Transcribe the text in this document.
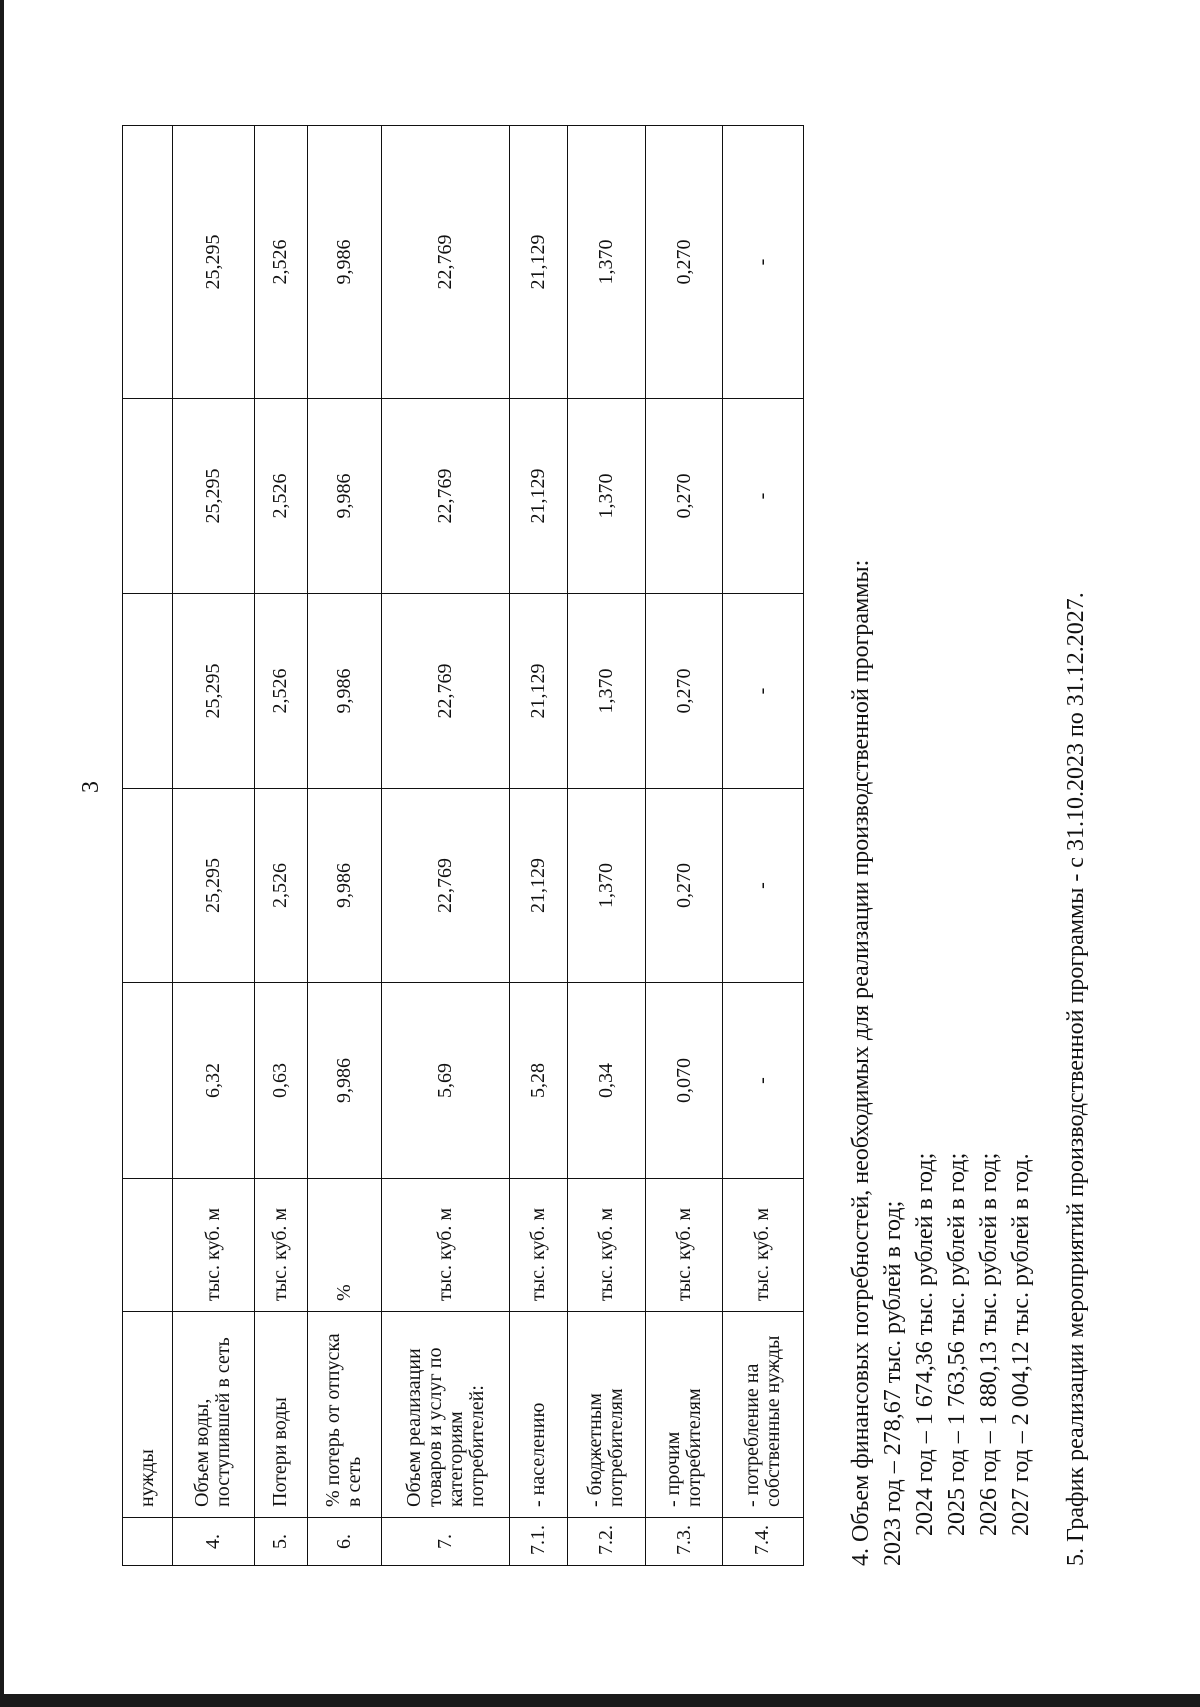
3
	нужды						
4.	Объем воды, поступившей в сеть	тыс. куб. м	6,32	25,295	25,295	25,295	25,295
5.	Потери воды	тыс. куб. м	0,63	2,526	2,526	2,526	2,526
6.	% потерь от отпуска в сеть	%	9,986	9,986	9,986	9,986	9,986
7.	Объем реализации товаров и услуг по категориям потребителей:	тыс. куб. м	5,69	22,769	22,769	22,769	22,769
7.1.	- населению	тыс. куб. м	5,28	21,129	21,129	21,129	21,129
7.2.	- бюджетным потребителям	тыс. куб. м	0,34	1,370	1,370	1,370	1,370
7.3.	- прочим потребителям	тыс. куб. м	0,070	0,270	0,270	0,270	0,270
7.4.	- потребление на собственные нужды	тыс. куб. м	-	-	-	-	-
4. Объем финансовых потребностей, необходимых для реализации производственной программы: 2023 год – 278,67 тыс. рублей в год; 2024 год – 1 674,36 тыс. рублей в год; 2025 год – 1 763,56 тыс. рублей в год; 2026 год – 1 880,13 тыс. рублей в год; 2027 год – 2 004,12 тыс. рублей в год. 5. График реализации мероприятий производственной программы - с 31.10.2023 по 31.12.2027.
